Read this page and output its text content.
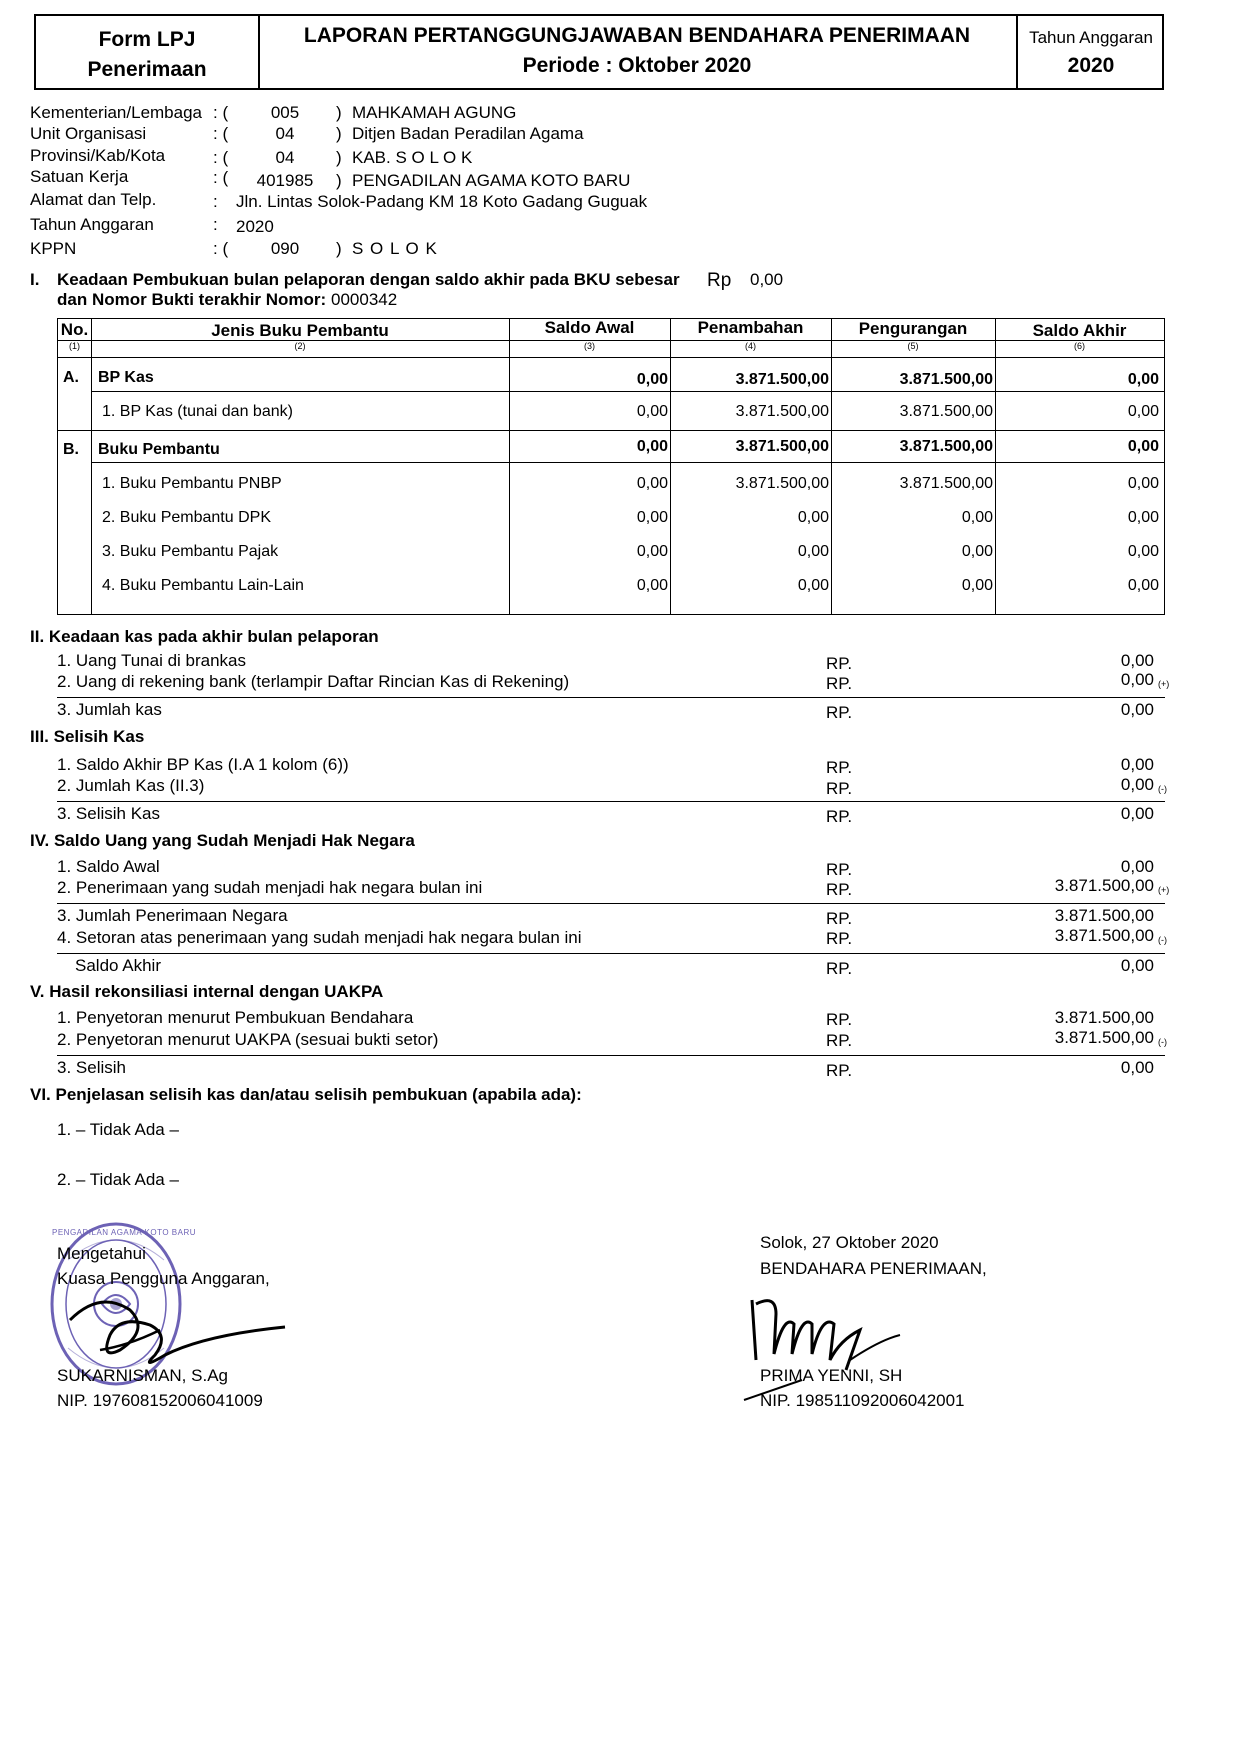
Form LPJ
Penerimaan
LAPORAN PERTANGGUNGJAWABAN BENDAHARA PENERIMAAN
Periode : Oktober 2020
Tahun Anggaran
2020
Kementerian/Lembaga : (	005	) MAHKAMAH AGUNG
Unit Organisasi	: (	04	) Ditjen Badan Peradilan Agama
Provinsi/Kab/Kota	: (	04	) KAB. S O L O K
Satuan Kerja	: (	401985	) PENGADILAN AGAMA KOTO BARU
Alamat dan Telp.	: Jln. Lintas Solok-Padang KM 18 Koto Gadang Guguak
Tahun Anggaran	: 2020
KPPN	: (	090	) S O L O K
I. Keadaan Pembukuan bulan pelaporan dengan saldo akhir pada BKU sebesar Rp 0,00
dan Nomor Bukti terakhir Nomor: 0000342
No.	Jenis Buku Pembantu	Saldo Awal	Penambahan	Pengurangan	Saldo Akhir
(1)	(2)	(3)	(4)	(5)	(6)
A. BP Kas	0,00	3.871.500,00	3.871.500,00	0,00
1. BP Kas (tunai dan bank)	0,00	3.871.500,00	3.871.500,00	0,00
B. Buku Pembantu	0,00	3.871.500,00	3.871.500,00	0,00
1. Buku Pembantu PNBP	0,00	3.871.500,00	3.871.500,00	0,00
2. Buku Pembantu DPK	0,00	0,00	0,00	0,00
3. Buku Pembantu Pajak	0,00	0,00	0,00	0,00
4. Buku Pembantu Lain-Lain	0,00	0,00	0,00	0,00
II. Keadaan kas pada akhir bulan pelaporan
1. Uang Tunai di brankas	RP.	0,00
2. Uang di rekening bank (terlampir Daftar Rincian Kas di Rekening)	RP.	0,00 (+)
3. Jumlah kas	RP.	0,00
III. Selisih Kas
1. Saldo Akhir BP Kas (I.A 1 kolom (6))	RP.	0,00
2. Jumlah Kas (II.3)	RP.	0,00 (-)
3. Selisih Kas	RP.	0,00
IV. Saldo Uang yang Sudah Menjadi Hak Negara
1. Saldo Awal	RP.	0,00
2. Penerimaan yang sudah menjadi hak negara bulan ini	RP.	3.871.500,00 (+)
3. Jumlah Penerimaan Negara	RP.	3.871.500,00
4. Setoran atas penerimaan yang sudah menjadi hak negara bulan ini	RP.	3.871.500,00 (-)
Saldo Akhir	RP.	0,00
V. Hasil rekonsiliasi internal dengan UAKPA
1. Penyetoran menurut Pembukuan Bendahara	RP.	3.871.500,00
2. Penyetoran menurut UAKPA (sesuai bukti setor)	RP.	3.871.500,00 (-)
3. Selisih	RP.	0,00
VI. Penjelasan selisih kas dan/atau selisih pembukuan (apabila ada):
1. – Tidak Ada –
2. – Tidak Ada –
PENGADILAN AGAMA KOTO BARU
Mengetahui
Kuasa Pengguna Anggaran,
SUKARNISMAN, S.Ag
NIP. 197608152006041009
Solok, 27 Oktober 2020
BENDAHARA PENERIMAAN,
PRIMA YENNI, SH
NIP. 198511092006042001
